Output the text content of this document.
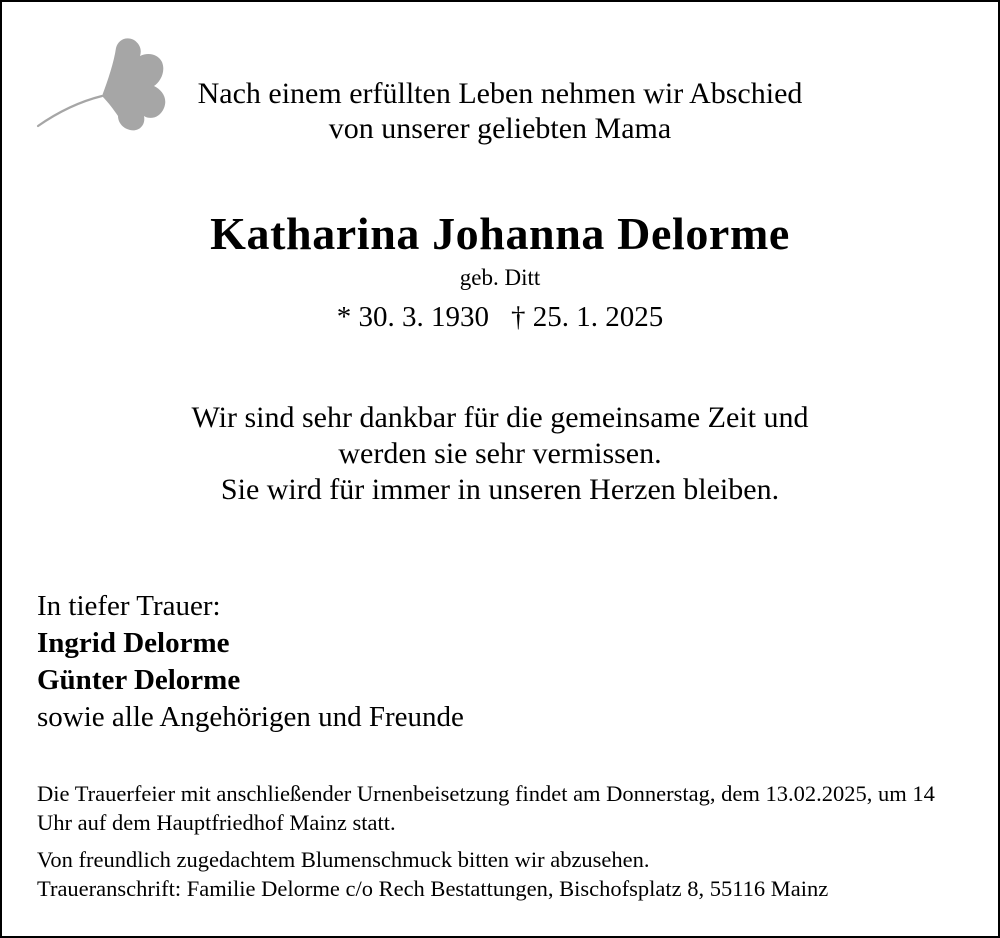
Nach einem erfüllten Leben nehmen wir Abschied
von unserer geliebten Mama
Katharina Johanna Delorme
geb. Ditt
* 30. 3. 1930 † 25. 1. 2025
Wir sind sehr dankbar für die gemeinsame Zeit und
werden sie sehr vermissen.
Sie wird für immer in unseren Herzen bleiben.
In tiefer Trauer:
Ingrid Delorme
Günter Delorme
sowie alle Angehörigen und Freunde

Die Trauerfeier mit anschließender Urnenbeisetzung findet am Donnerstag, dem 13.02.2025, um 14 Uhr auf dem Hauptfriedhof Mainz statt.

Von freundlich zugedachtem Blumenschmuck bitten wir abzusehen.

Traueranschrift: Familie Delorme c/o Rech Bestattungen, Bischofsplatz 8, 55116 Mainz
